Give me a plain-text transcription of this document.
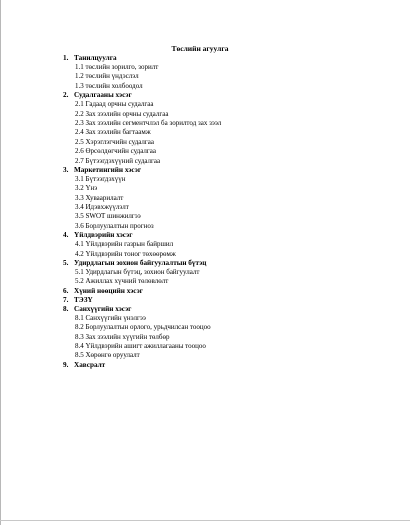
Төслийн агуулга
1. Танилцуулга
1.1 төслийн зорилго, зорилт
1.2 төслийн үндэслэл
1.3 төслийн холбоодол
2. Судалгааны хэсэг
2.1 Гадаад орчны судалгаа
2.2 Зах зээлийн орчны судалгаа
2.3 Зах зээлийн сегментчлэл ба зорилтод зах зээл
2.4 Зах зээлийн багтаамж
2.5 Хэрэглэгчийн судалгаа
2.6 Өрсөлдөгчийн судалгаа
2.7 Бүтээгдэхүүний судалгаа
3. Маркетингийн хэсэг
3.1 Бүтээгдэхүүн
3.2 Үнэ
3.3 Хуваарилалт
3.4 Идэвхжүүлэлт
3.5 SWOT шинжилгээ
3.6 Борлуулалтын прогноз
4. Үйлдвэрийн хэсэг
4.1 Үйлдвэрийн газрын байршил
4.2 Үйлдвэрийн тоног төхөөрөмж
5. Удирдлагын зохион байгуулалтын бүтэц
5.1 Удирдлагын бүтэц, зохион байгуулалт
5.2 Ажиллах хүчний төлөвлөлт
6. Хүний нөөцийн хэсэг
7. ТЭЗҮ
8. Санхүүгийн хэсэг
8.1 Санхүүгийн үнэлгээ
8.2 Борлуулалтын орлого, урьдчилсан тооцоо
8.3 Зах зээлийн хүүгийн төлбөр
8.4 Үйлдвэрийн ашигт ажиллагааны тооцоо
8.5 Хөрөнгө оруулалт
9. Хавсралт
